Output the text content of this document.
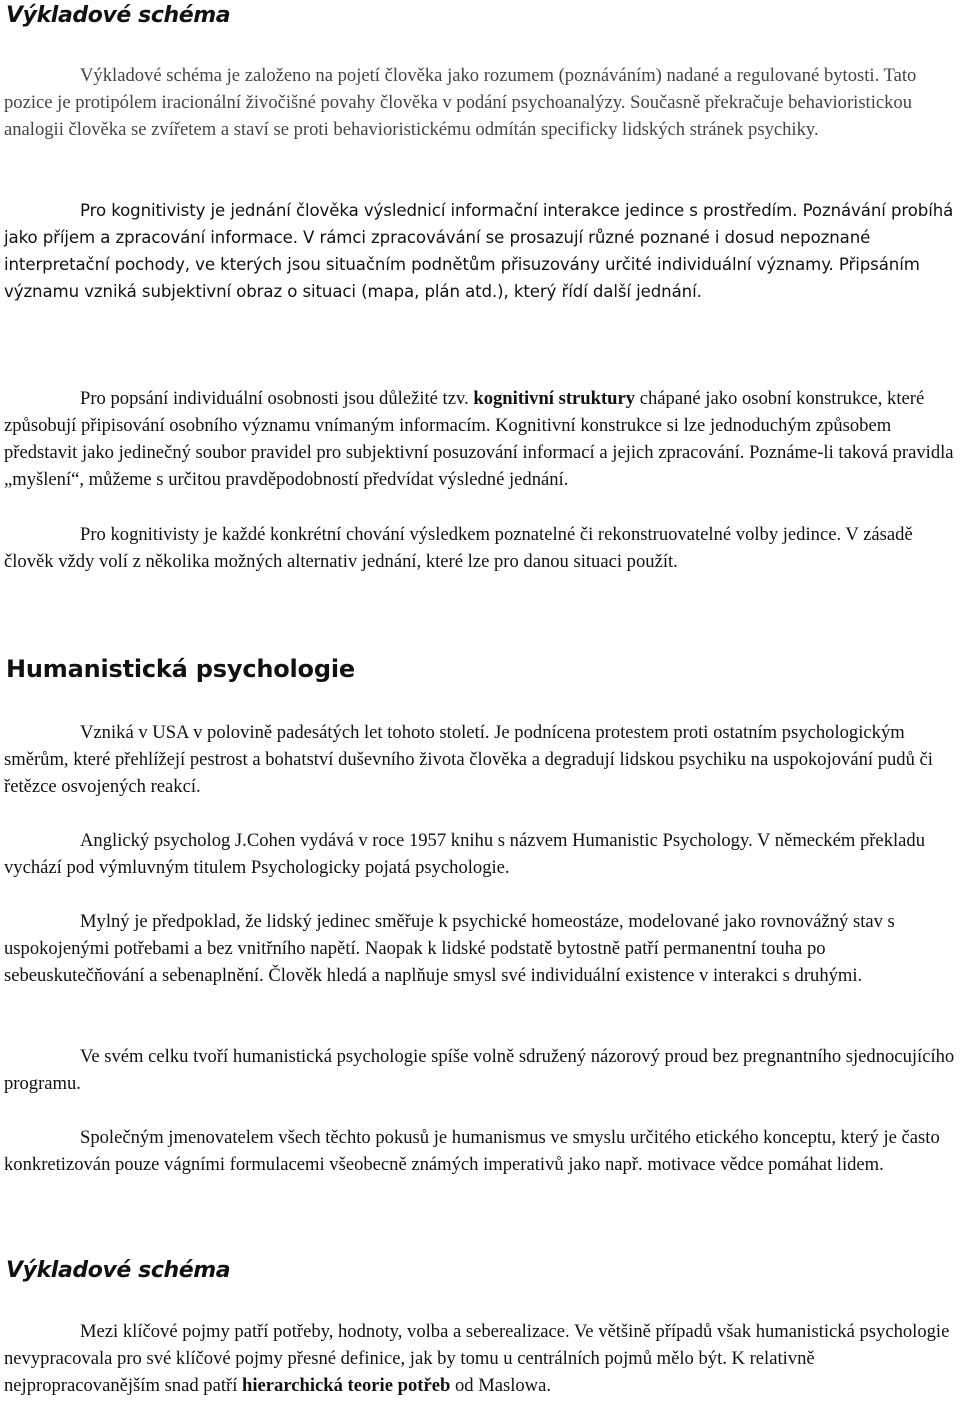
Výkladové schéma

Výkladové schéma je založeno na pojetí člověka jako rozumem (poznáváním) nadané a regulované bytosti. Tato pozice je protipólem iracionální živočišné povahy člověka v podání psychoanalýzy. Současně překračuje behavioristickou analogii člověka se zvířetem a staví se proti behavioristickému odmítán specificky lidských stránek psychiky.

Pro kognitivisty je jednání člověka výslednicí informační interakce jedince s prostředím. Poznávání probíhá jako příjem a zpracování informace. V rámci zpracovávání se prosazují různé poznané i dosud nepoznané interpretační pochody, ve kterých jsou situačním podnětům přisuzovány určité individuální významy. Připsáním významu vzniká subjektivní obraz o situaci (mapa, plán atd.), který řídí další jednání.

Pro popsání individuální osobnosti jsou důležité tzv. kognitivní struktury chápané jako osobní konstrukce, které způsobují připisování osobního významu vnímaným informacím. Kognitivní konstrukce si lze jednoduchým způsobem představit jako jedinečný soubor pravidel pro subjektivní posuzování informací a jejich zpracování. Poznáme-li taková pravidla „myšlení“, můžeme s určitou pravděpodobností předvídat výsledné jednání.

Pro kognitivisty je každé konkrétní chování výsledkem poznatelné či rekonstruovatelné volby jedince. V zásadě člověk vždy volí z několika možných alternativ jednání, které lze pro danou situaci použít.

Humanistická psychologie

Vzniká v USA v polovině padesátých let tohoto století. Je podnícena protestem proti ostatním psychologickým směrům, které přehlížejí pestrost a bohatství duševního života člověka a degradují lidskou psychiku na uspokojování pudů či řetězce osvojených reakcí.

Anglický psycholog J.Cohen vydává v roce 1957 knihu s názvem Humanistic Psychology. V německém překladu vychází pod výmluvným titulem Psychologicky pojatá psychologie.

Mylný je předpoklad, že lidský jedinec směřuje k psychické homeostáze, modelované jako rovnovážný stav s uspokojenými potřebami a bez vnitřního napětí. Naopak k lidské podstatě bytostně patří permanentní touha po sebeuskutečňování a sebenaplnění. Člověk hledá a naplňuje smysl své individuální existence v interakci s druhými.

Ve svém celku tvoří humanistická psychologie spíše volně sdružený názorový proud bez pregnantního sjednocujícího programu.

Společným jmenovatelem všech těchto pokusů je humanismus ve smyslu určitého etického konceptu, který je často konkretizován pouze vágními formulacemi všeobecně známých imperativů jako např. motivace vědce pomáhat lidem.

Výkladové schéma

Mezi klíčové pojmy patří potřeby, hodnoty, volba a seberealizace. Ve většině případů však humanistická psychologie nevypracovala pro své klíčové pojmy přesné definice, jak by tomu u centrálních pojmů mělo být. K relativně nejpropracovanějším snad patří hierarchická teorie potřeb od Maslowa.
